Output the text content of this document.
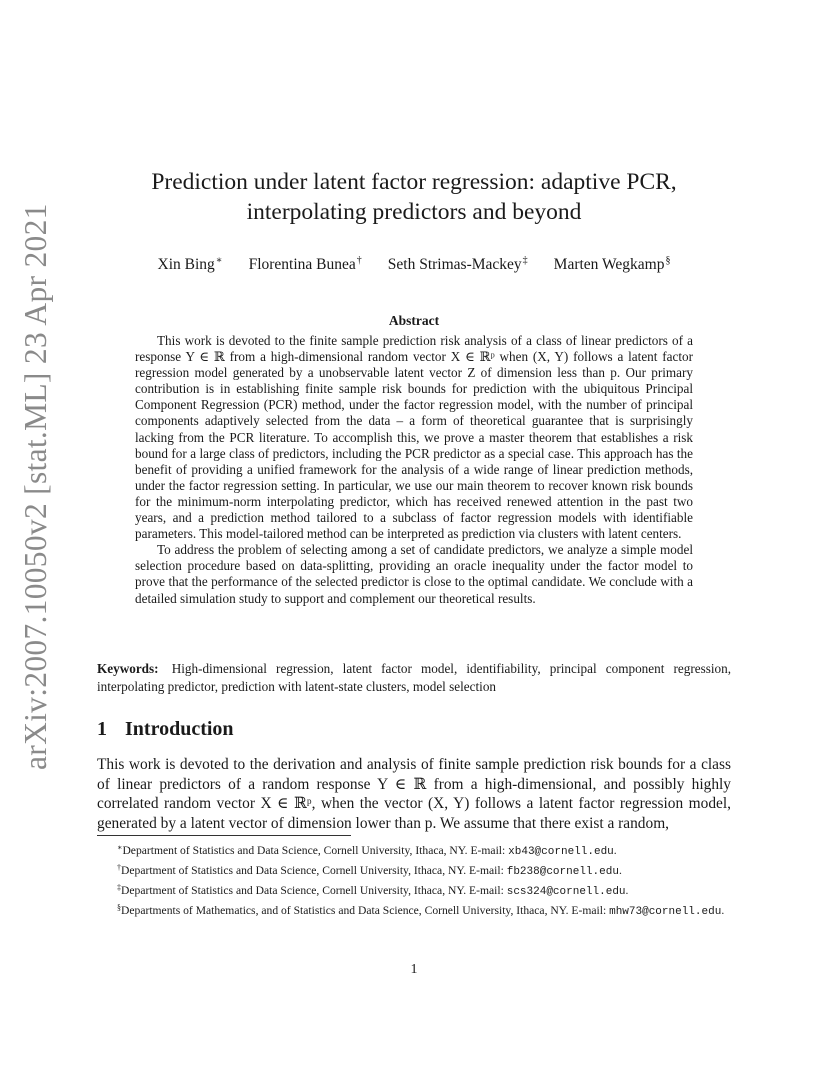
arXiv:2007.10050v2 [stat.ML] 23 Apr 2021
Prediction under latent factor regression: adaptive PCR,
interpolating predictors and beyond
Xin Bing∗ Florentina Bunea† Seth Strimas-Mackey‡ Marten Wegkamp§
Abstract

This work is devoted to the finite sample prediction risk analysis of a class of linear predictors of a response Y ∈ ℝ from a high-dimensional random vector X ∈ ℝᵖ when (X, Y) follows a latent factor regression model generated by a unobservable latent vector Z of dimension less than p. Our primary contribution is in establishing finite sample risk bounds for prediction with the ubiquitous Principal Component Regression (PCR) method, under the factor regression model, with the number of principal components adaptively selected from the data – a form of theoretical guarantee that is surprisingly lacking from the PCR literature. To accomplish this, we prove a master theorem that establishes a risk bound for a large class of predictors, including the PCR predictor as a special case. This approach has the benefit of providing a unified framework for the analysis of a wide range of linear prediction methods, under the factor regression setting. In particular, we use our main theorem to recover known risk bounds for the minimum-norm interpolating predictor, which has received renewed attention in the past two years, and a prediction method tailored to a subclass of factor regression models with identifiable parameters. This model-tailored method can be interpreted as prediction via clusters with latent centers.

To address the problem of selecting among a set of candidate predictors, we analyze a simple model selection procedure based on data-splitting, providing an oracle inequality under the factor model to prove that the performance of the selected predictor is close to the optimal candidate. We conclude with a detailed simulation study to support and complement our theoretical results.

Keywords: High-dimensional regression, latent factor model, identifiability, principal component regression, interpolating predictor, prediction with latent-state clusters, model selection
1 Introduction

This work is devoted to the derivation and analysis of finite sample prediction risk bounds for a class of linear predictors of a random response Y ∈ ℝ from a high-dimensional, and possibly highly correlated random vector X ∈ ℝᵖ, when the vector (X, Y) follows a latent factor regression model, generated by a latent vector of dimension lower than p. We assume that there exist a random,

∗Department of Statistics and Data Science, Cornell University, Ithaca, NY. E-mail: xb43@cornell.edu.

†Department of Statistics and Data Science, Cornell University, Ithaca, NY. E-mail: fb238@cornell.edu.

‡Department of Statistics and Data Science, Cornell University, Ithaca, NY. E-mail: scs324@cornell.edu.

§Departments of Mathematics, and of Statistics and Data Science, Cornell University, Ithaca, NY. E-mail: mhw73@cornell.edu.

1
